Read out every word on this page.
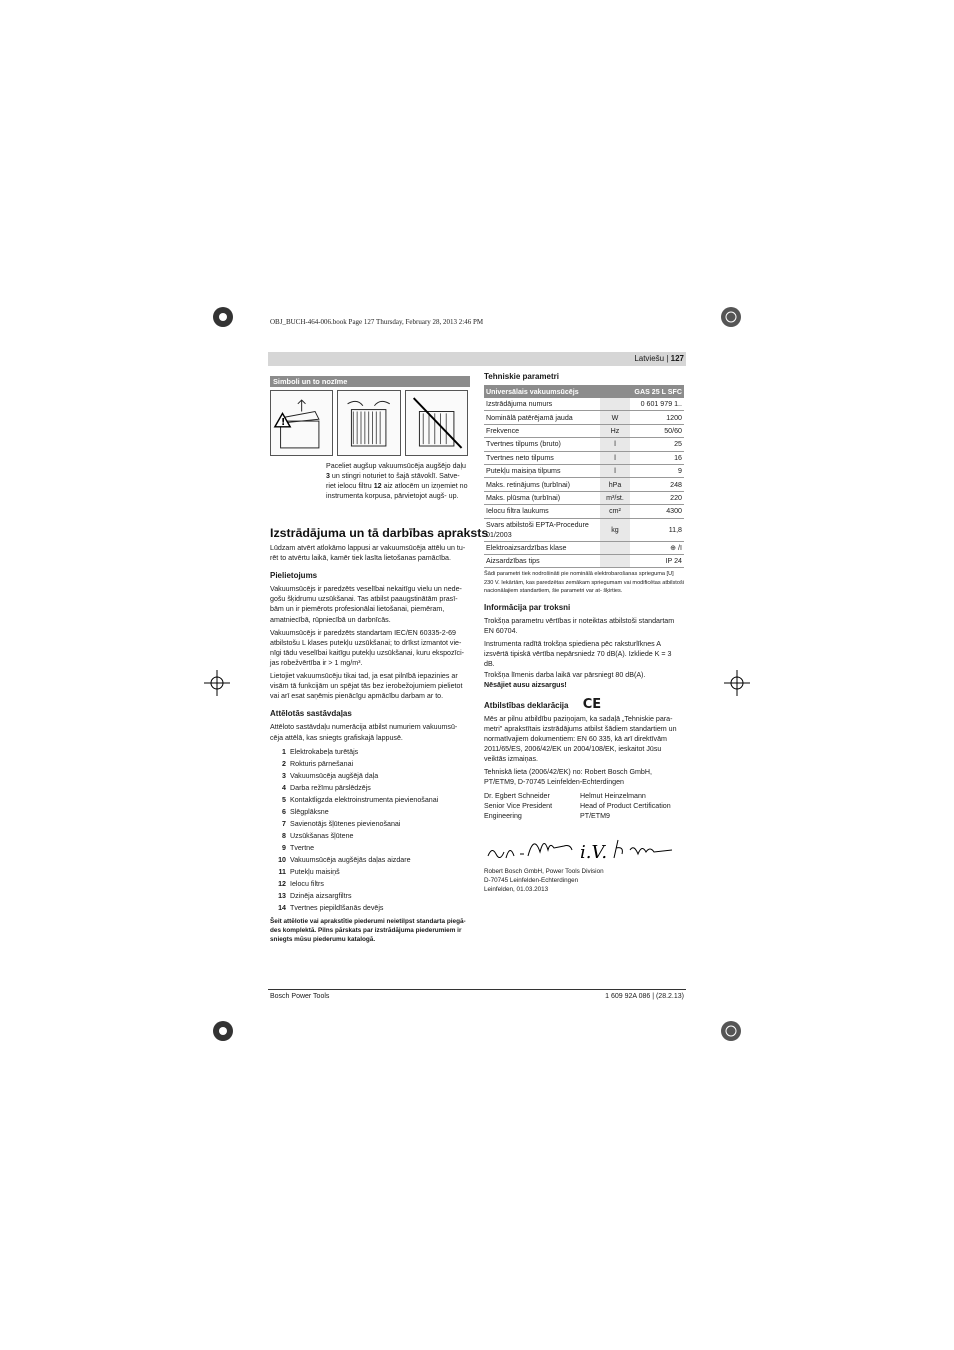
OBJ_BUCH-464-006.book Page 127 Thursday, February 28, 2013 2:46 PM
Latviešu | 127
Simboli un to nozīme
!
Paceliet augšup vakuumsūcēja augšējo daļu 3 un stingri noturiet to šajā stāvoklī. Satve- riet ielocu filtru 12 aiz atlocēm un izņemiet no instrumenta korpusa, pārvietojot augš- up.
Izstrādājuma un tā darbības apraksts

Lūdzam atvērt atlokāmo lappusi ar vakuumsūcēja attēlu un tu- rēt to atvērtu laikā, kamēr tiek lasīta lietošanas pamācība.

Pielietojums

Vakuumsūcējs ir paredzēts veselībai nekaitīgu vielu un nede- gošu šķidrumu uzsūkšanai. Tas atbilst paaugstinātām prasī- bām un ir piemērots profesionālai lietošanai, piemēram, amatniecībā, rūpniecībā un darbnīcās.

Vakuumsūcējs ir paredzēts standartam IEC/EN 60335-2-69 atbilstošu L klases putekļu uzsūkšanai; to drīkst izmantot vie- nīgi tādu veselībai kaitīgu putekļu uzsūkšanai, kuru ekspozīci- jas robežvērtība ir > 1 mg/m³.

Lietojiet vakuumsūcēju tikai tad, ja esat pilnībā iepazinies ar visām tā funkcijām un spējat tās bez ierobežojumiem pielietot vai arī esat saņēmis pienācīgu apmācību darbam ar to.

Attēlotās sastāvdaļas

Attēloto sastāvdaļu numerācija atbilst numuriem vakuumsū- cēja attēlā, kas sniegts grafiskajā lappusē.

1 Elektrokabeļa turētājs
2 Rokturis pārnešanai
3 Vakuumsūcēja augšējā daļa
4 Darba režīmu pārslēdzējs
5 Kontaktligzda elektroinstrumenta pievienošanai
6 Slēgplāksne
7 Savienotājs šļūtenes pievienošanai
8 Uzsūkšanas šļūtene
9 Tvertne
10 Vakuumsūcēja augšējās daļas aizdare
11 Putekļu maisiņš
12 Ielocu filtrs
13 Dzinēja aizsargfiltrs
14 Tvertnes piepildīšanās devējs

Šeit attēlotie vai aprakstītie piederumi neietilpst standarta piegā- des komplektā. Pilns pārskats par izstrādājuma piederumiem ir sniegts mūsu piederumu katalogā.

Tehniskie parametri

Universālais vakuumsūcējs		GAS 25 L SFC
Izstrādājuma numurs		0 601 979 1..
Nominālā patērējamā jauda	W	1200
Frekvence	Hz	50/60
Tvertnes tilpums (bruto)	l	25
Tvertnes neto tilpums	l	16
Putekļu maisiņa tilpums	l	9
Maks. retinājums (turbīnai)	hPa	248
Maks. plūsma (turbīnai)	m³/st.	220
Ielocu filtra laukums	cm²	4300
Svars atbilstoši EPTA-Procedure 01/2003	kg	11,8
Elektroaizsardzības klase		⊕ /I
Aizsardzības tips		IP 24

Šādi parametri tiek nodrošināti pie nominālā elektrobarošanas sprieguma [U] 230 V. Iekārtām, kas paredzētas zemākam spriegumam vai modificētas atbilstoši nacionālajiem standartiem, šie parametri var at- šķirties.

Informācija par troksni

Trokšņa parametru vērtības ir noteiktas atbilstoši standartam EN 60704.

Instrumenta radītā trokšņa spiediena pēc raksturlīknes A izsvērtā tipiskā vērtība nepārsniedz 70 dB(A). Izkliede K = 3 dB.

Trokšņa līmenis darba laikā var pārsniegt 80 dB(A).

Nēsājiet ausu aizsargus!

Atbilstības deklarācija CE

Mēs ar pilnu atbildību paziņojam, ka sadaļā „Tehniskie para- metri" aprakstītais izstrādājums atbilst šādiem standartiem un normatīvajiem dokumentiem: EN 60 335, kā arī direktīvām 2011/65/ES, 2006/42/EK un 2004/108/EK, ieskaitot Jūsu veiktās izmaiņas.

Tehniskā lieta (2006/42/EK) no: Robert Bosch GmbH, PT/ETM9, D-70745 Leinfelden-Echterdingen

Dr. Egbert Schneider
Senior Vice President
Engineering
Helmut Heinzelmann
Head of Product Certification
PT/ETM9
i.V.
Robert Bosch GmbH, Power Tools Division
D-70745 Leinfelden-Echterdingen
Leinfelden, 01.03.2013
Bosch Power Tools	1 609 92A 086 | (28.2.13)
